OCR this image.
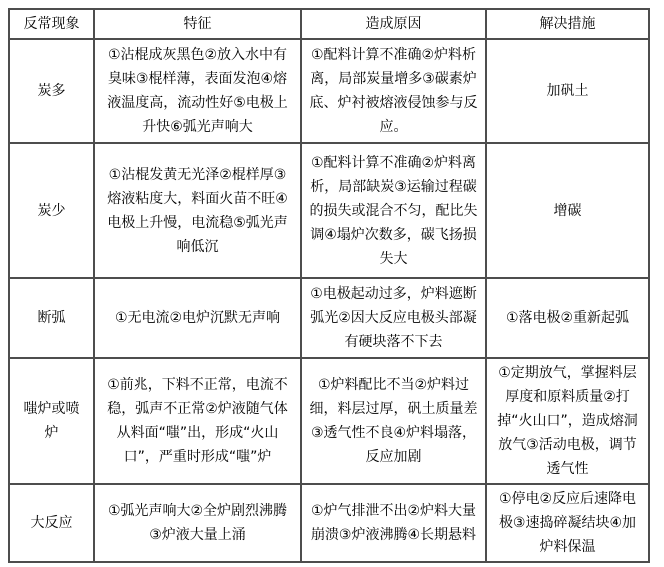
反常现象	特征	造成原因	解决措施
炭多	①沾棍成灰黑色②放入水中有臭味③棍样薄，表面发泡④熔液温度高，流动性好⑤电极上升快⑥弧光声响大	①配料计算不准确②炉料析离，局部炭量增多③碳素炉底、炉衬被熔液侵蚀参与反应。	加矾土
炭少	①沾棍发黄无光泽②棍样厚③熔液粘度大，料面火苗不旺④电极上升慢，电流稳⑤弧光声响低沉	①配料计算不准确②炉料离析，局部缺炭③运输过程碳的损失或混合不匀，配比失调④塌炉次数多，碳飞扬损失大	增碳
断弧	①无电流②电炉沉默无声响	①电极起动过多，炉料遮断弧光②因大反应电极头部凝有硬块落不下去	①落电极②重新起弧
嗤炉或喷炉	①前兆，下料不正常，电流不稳，弧声不正常②炉液随气体从料面“嗤”出，形成“火山口”，严重时形成“嗤”炉	①炉料配比不当②炉料过细，料层过厚，矾土质量差③透气性不良④炉料塌落，反应加剧	①定期放气，掌握料层厚度和原料质量②打掉“火山口”，造成熔洞放气③活动电极，调节透气性
大反应	①弧光声响大②全炉剧烈沸腾③炉液大量上涌	①炉气排泄不出②炉料大量崩溃③炉液沸腾④长期悬料	①停电②反应后速降电极③速捣碎凝结块④加炉料保温
